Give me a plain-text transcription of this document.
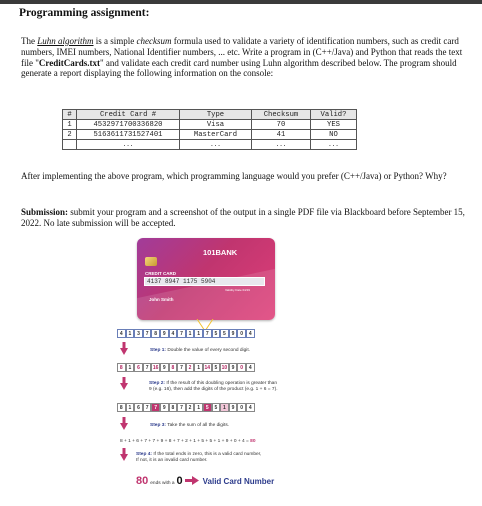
Programming assignment:
The Luhn algorithm is a simple checksum formula used to validate a variety of identification numbers, such as credit card numbers, IMEI numbers, National Identifier numbers, ... etc. Write a program in (C++/Java) and Python that reads the text file "CreditCards.txt" and validate each credit card number using Luhn algorithm described below. The program should generate a report displaying the following information on the console:
#	Credit Card #	Type	Checksum	Valid?
1	4532971700336820	Visa	70	YES
2	5163611731527401	MasterCard	41	NO
	...	...	...	...
After implementing the above program, which programming language would you prefer (C++/Java) or Python? Why?
Submission: submit your program and a screenshot of the output in a single PDF file via Blackboard before September 15, 2022. No late submission will be accepted.
101BANK
CREDIT CARD
4137 8947 1175 5904
Validity Date 04/19
John Smith
4	1	3	7	8	9	4	7	1	1	7	5	5	9	0	4
Step 1: Double the value of every second digit.
8	1	6	7 16 9	8	7	2	1 14 5 10 9	0	4
Step 2: If the result of this doubling operation is greater than
9 (e.g. 16), then add the digits of the product (e.g. 1 + 6 = 7).
8	1	6	7	7	9	8	7	2	1	5	5	1	9	0	4
Step 3: Take the sum of all the digits.
8 + 1 + 6 + 7 + 7 + 9 + 8 + 7 + 2 + 1 + 5 + 5 + 1 + 9 + 0 + 4 = 80
Step 4: If the total ends in zero, this is a valid card number,
If not, it is an invalid card number.
80 ends with a 0	Valid Card Number
